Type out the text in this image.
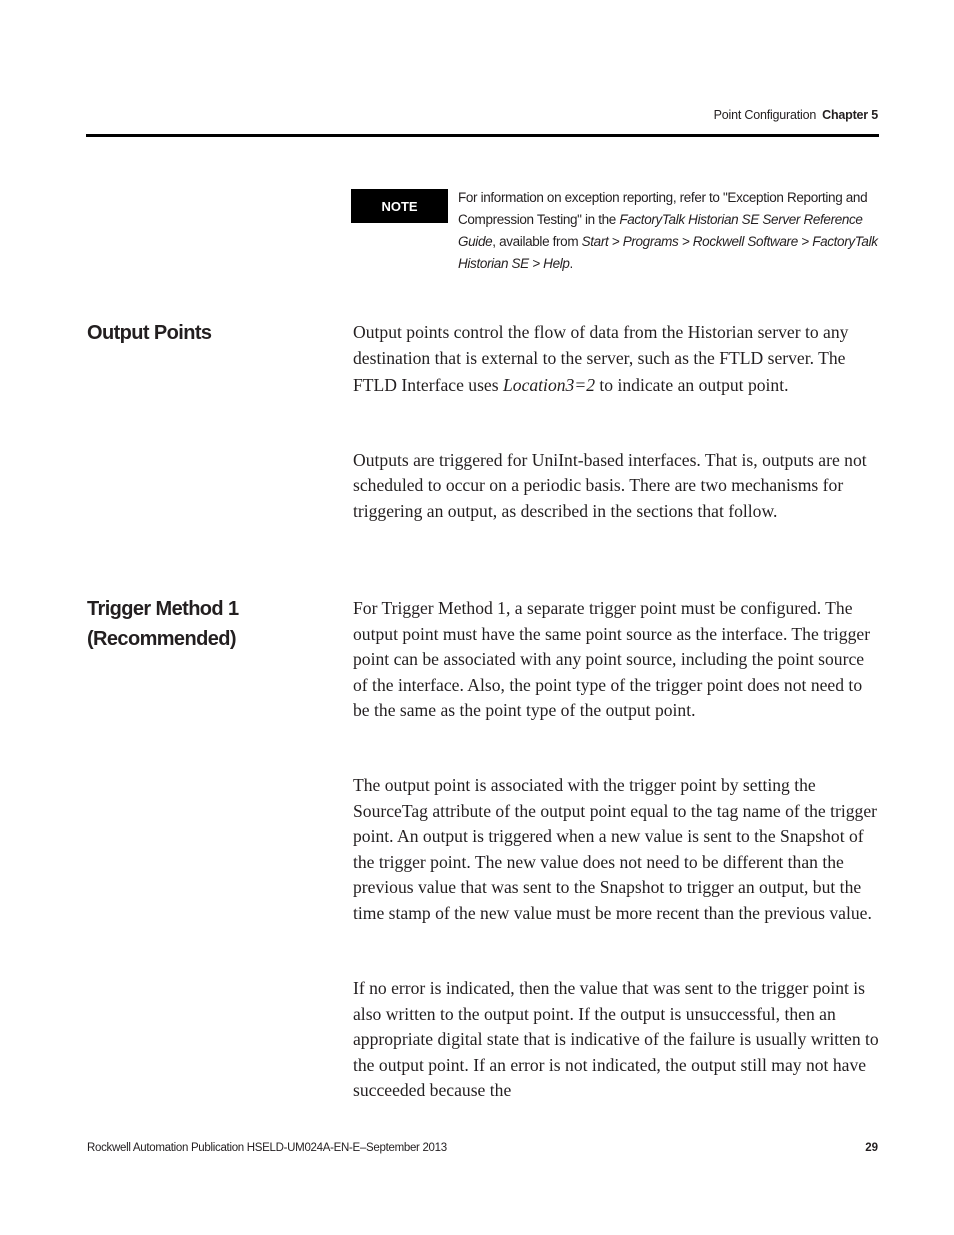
Point Configuration Chapter 5
NOTE
For information on exception reporting, refer to "Exception Reporting and Compression Testing" in the FactoryTalk Historian SE Server Reference Guide, available from Start > Programs > Rockwell Software > FactoryTalk Historian SE > Help.
Output Points	Output points control the flow of data from the Historian server to any destination that is external to the server, such as the FTLD server. The FTLD Interface uses Location3=2 to indicate an output point.
Outputs are triggered for UniInt-based interfaces. That is, outputs are not scheduled to occur on a periodic basis. There are two mechanisms for triggering an output, as described in the sections that follow.
Trigger Method 1
(Recommended)
For Trigger Method 1, a separate trigger point must be configured. The output point must have the same point source as the interface. The trigger point can be associated with any point source, including the point source of the interface. Also, the point type of the trigger point does not need to be the same as the point type of the output point.
The output point is associated with the trigger point by setting the SourceTag attribute of the output point equal to the tag name of the trigger point. An output is triggered when a new value is sent to the Snapshot of the trigger point. The new value does not need to be different than the previous value that was sent to the Snapshot to trigger an output, but the time stamp of the new value must be more recent than the previous value.
If no error is indicated, then the value that was sent to the trigger point is also written to the output point. If the output is unsuccessful, then an appropriate digital state that is indicative of the failure is usually written to the output point. If an error is not indicated, the output still may not have succeeded because the
Rockwell Automation Publication HSELD-UM024A-EN-E–September 2013	29
